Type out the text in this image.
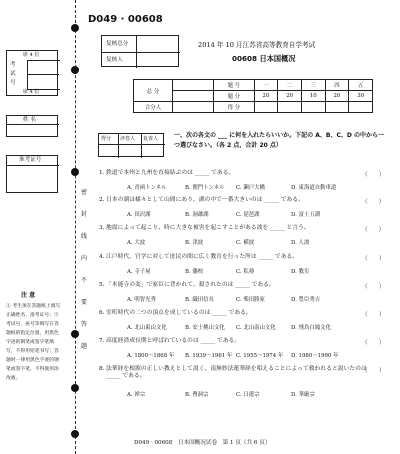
D049 · 00608
复核总分
复核人
2014 年 10 月江苏省高等教育自学考试
00608 日本国概况
总 分		题 号	一	二	三	四	五
		题 分	20	20	10	20	30
合分人		得 分					
席 4 位
席 4 位
考
试
号
姓 名
准考证号
注 意
① 考生须在答题纸上填写正确姓名、准考证号；② 考试号、座号等填写在答题纸的指定位置，用黑色字迹的钢笔或签字笔填写，不得用铅笔书写；答题时一律用黑色字迹的钢笔或签字笔，不得使用涂改液。
密
封
线
内
不
要
答
题
得分 评卷人 复查人	一、次の各文の ___ に何を入れたらいいか。下記の A、B、C、D の中から一つ選びなさい。（各 2 点，合計 20 点）
1. 鉄道で本州と九州を直接結ぶのは _____ である。	（　　）
A. 青函トンネル	B. 関門トンネル C. 瀬戸大橋	D. 東海道自動車道
2. 日本の湖は様々として山間にあり、湖の中で一番大きいのは _____ である。	（　　）
A. 田沢湖	B. 洞爺湖	C. 琵琶湖	D. 富士五湖
3. 地震によって起こり、時に大きな被害を起こすことがある波を _____ と言う。	（　　）
A. 大波	B. 津波	C. 横波	D. 人波
4. 江戸時代、官学に対して庶民の間に広く教育を行った所は _____ である。	（　　）
A. 寺子屋	B. 藩校	C. 私塾	D. 教室
5. 「本能寺の変」で家臣に背かれて、殺されたのは _____ である。	（　　）
A. 明智光秀	B. 織田信長	C. 柴田勝家	D. 豊臣秀吉
6. 室町時代の二つの頂点を成しているのは _____ である。	（　　）
A. 北山東山文化	B. 安土桃山文化 C. 北山南山文化	D. 飛鳥白鳳文化
7. 高度経済成長期と呼ばれているのは _____ である。	（　　）
A. 1800～1868 年 B. 1939～1961 年 C. 1955～1974 年 D. 1980～1990 年
8. 法華経を根源の正しい教えとして説く、南無妙法蓮華経を唱えることによって救われると説いたのは _____ である。
（　　）
A. 禅宗	B. 曹洞宗	C. 日蓮宗	D. 華厳宗
D049 · 00608　日本国概况试卷　第 1 页（共 6 页）
